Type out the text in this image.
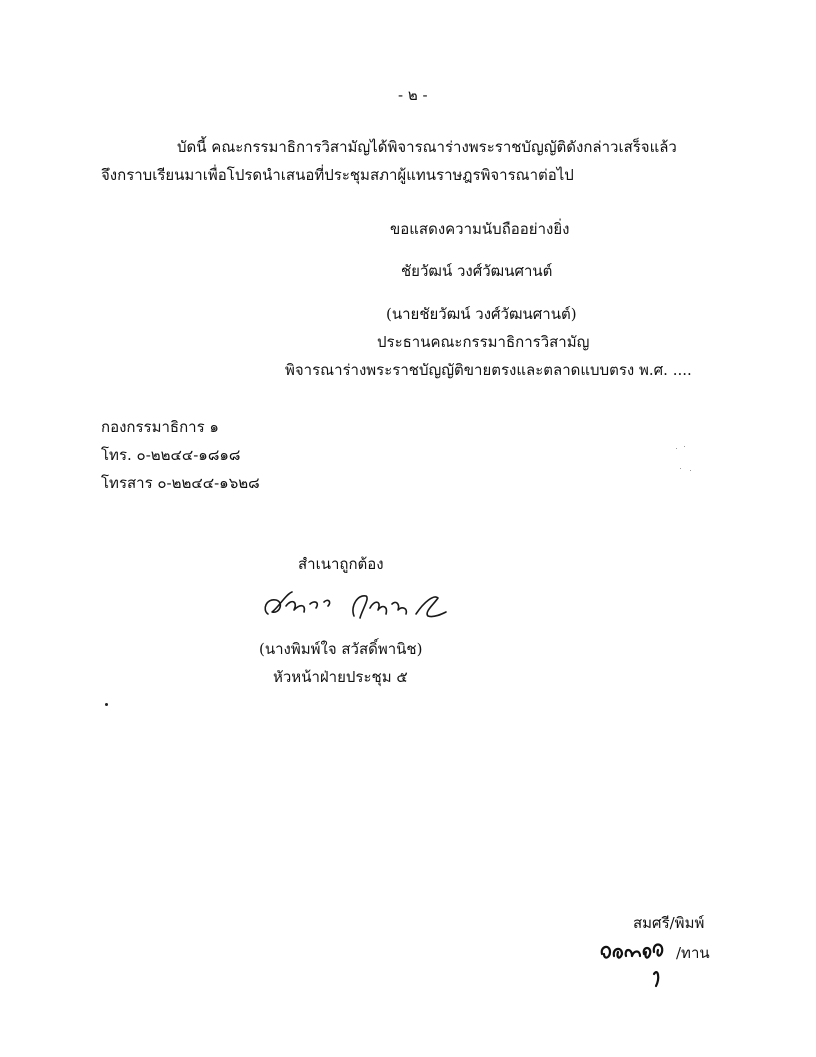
- ๒ -
บัดนี้ คณะกรรมาธิการวิสามัญได้พิจารณาร่างพระราชบัญญัติดังกล่าวเสร็จแล้ว
จึงกราบเรียนมาเพื่อโปรดนำเสนอที่ประชุมสภาผู้แทนราษฎรพิจารณาต่อไป
ขอแสดงความนับถืออย่างยิ่ง
ชัยวัฒน์ วงศ์วัฒนศานต์
(นายชัยวัฒน์ วงศ์วัฒนศานต์)
ประธานคณะกรรมาธิการวิสามัญ
พิจารณาร่างพระราชบัญญัติขายตรงและตลาดแบบตรง พ.ศ. ....
กองกรรมาธิการ ๑
โทร. ๐-๒๒๔๔-๑๘๑๘
โทรสาร ๐-๒๒๔๔-๑๖๒๘
สำเนาถูกต้อง
(นางพิมพ์ใจ สวัสดิ์พานิช)
หัวหน้าฝ่ายประชุม ๕
สมศรี/พิมพ์
/ทาน
